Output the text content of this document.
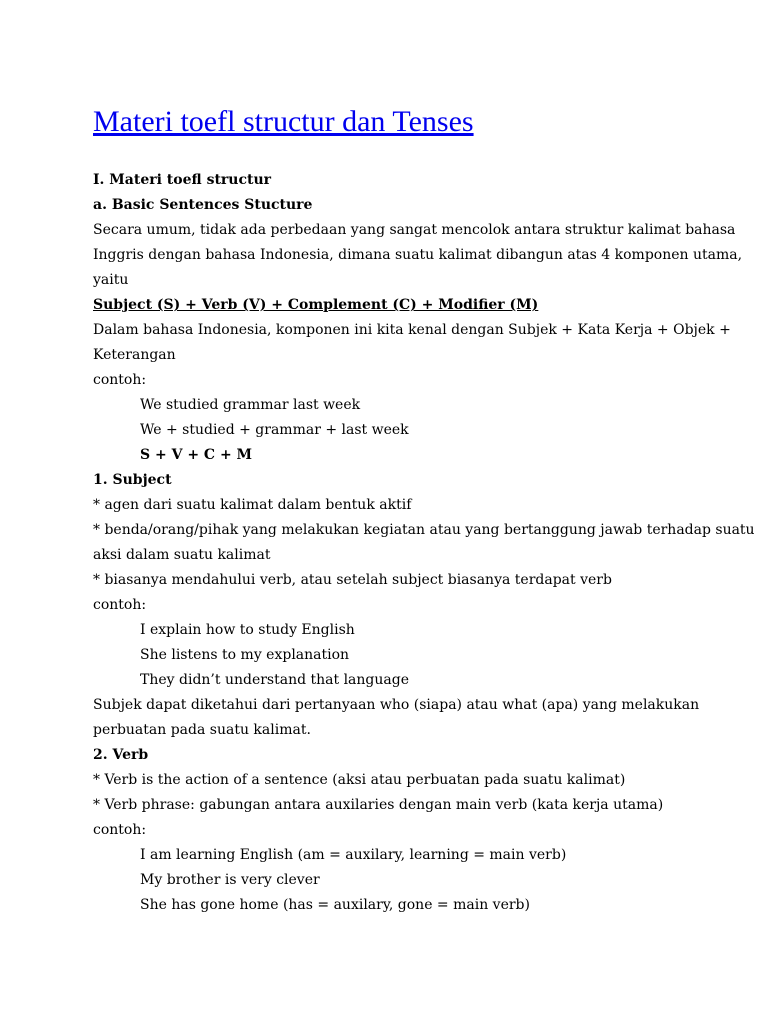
Materi toefl structur dan Tenses
I. Materi toefl structur
a. Basic Sentences Stucture
Secara umum, tidak ada perbedaan yang sangat mencolok antara struktur kalimat bahasa
Inggris dengan bahasa Indonesia, dimana suatu kalimat dibangun atas 4 komponen utama,
yaitu
Subject (S) + Verb (V) + Complement (C) + Modifier (M)
Dalam bahasa Indonesia, komponen ini kita kenal dengan Subjek + Kata Kerja + Objek +
Keterangan
contoh:
We studied grammar last week
We + studied + grammar + last week
S + V + C + M
1. Subject
* agen dari suatu kalimat dalam bentuk aktif
* benda/orang/pihak yang melakukan kegiatan atau yang bertanggung jawab terhadap suatu
aksi dalam suatu kalimat
* biasanya mendahului verb, atau setelah subject biasanya terdapat verb
contoh:
I explain how to study English
She listens to my explanation
They didn’t understand that language
Subjek dapat diketahui dari pertanyaan who (siapa) atau what (apa) yang melakukan
perbuatan pada suatu kalimat.
2. Verb
* Verb is the action of a sentence (aksi atau perbuatan pada suatu kalimat)
* Verb phrase: gabungan antara auxilaries dengan main verb (kata kerja utama)
contoh:
I am learning English (am = auxilary, learning = main verb)
My brother is very clever
She has gone home (has = auxilary, gone = main verb)
